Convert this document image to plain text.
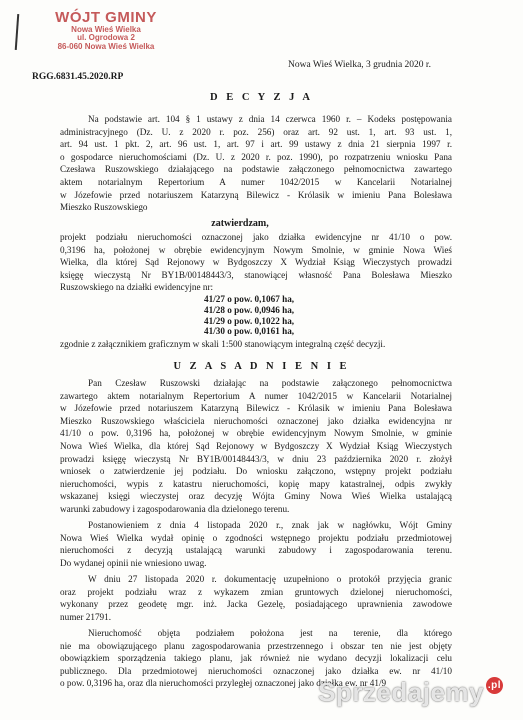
WÓJT GMINY
Nowa Wieś Wielka
ul. Ogrodowa 2
86-060 Nowa Wieś Wielka
RGG.6831.45.2020.RP
Nowa Wieś Wielka, 3 grudnia 2020 r.
D E C Y Z J A
Na podstawie art. 104 § 1 ustawy z dnia 14 czerwca 1960 r. – Kodeks postępowania
administracyjnego (Dz. U. z 2020 r. poz. 256) oraz art. 92 ust. 1, art. 93 ust. 1,
art. 94 ust. 1 pkt. 2, art. 96 ust. 1, art. 97 i art. 99 ustawy z dnia 21 sierpnia 1997 r.
o gospodarce nieruchomościami (Dz. U. z 2020 r. poz. 1990), po rozpatrzeniu wniosku Pana
Czesława Ruszowskiego działającego na podstawie załączonego pełnomocnictwa zawartego
aktem notarialnym Repertorium A numer 1042/2015 w Kancelarii Notarialnej
w Józefowie przed notariuszem Katarzyną Bilewicz - Królasik w imieniu Pana Bolesława
Mieszko Ruszowskiego
zatwierdzam,
projekt podziału nieruchomości oznaczonej jako działka ewidencyjne nr 41/10 o pow.
0,3196 ha, położonej w obrębie ewidencyjnym Nowym Smolnie, w gminie Nowa Wieś
Wielka, dla której Sąd Rejonowy w Bydgoszczy X Wydział Ksiąg Wieczystych prowadzi
księgę wieczystą Nr BY1B/00148443/3, stanowiącej własność Pana Bolesława Mieszko
Ruszowskiego na działki ewidencyjne nr:
41/27 o pow. 0,1067 ha,
41/28 o pow. 0,0946 ha,
41/29 o pow. 0,1022 ha,
41/30 o pow. 0,0161 ha,
zgodnie z załącznikiem graficznym w skali 1:500 stanowiącym integralną część decyzji.
U Z A S A D N I E N I E
Pan Czesław Ruszowski działając na podstawie załączonego pełnomocnictwa
zawartego aktem notarialnym Repertorium A numer 1042/2015 w Kancelarii Notarialnej
w Józefowie przed notariuszem Katarzyną Bilewicz - Królasik w imieniu Pana Bolesława
Mieszko Ruszowskiego właściciela nieruchomości oznaczonej jako działka ewidencyjna nr
41/10 o pow. 0,3196 ha, położonej w obrębie ewidencyjnym Nowym Smolnie, w gminie
Nowa Wieś Wielka, dla której Sąd Rejonowy w Bydgoszczy X Wydział Ksiąg Wieczystych
prowadzi księgę wieczystą Nr BY1B/00148443/3, w dniu 23 października 2020 r. złożył
wniosek o zatwierdzenie jej podziału. Do wniosku załączono, wstępny projekt podziału
nieruchomości, wypis z katastru nieruchomości, kopię mapy katastralnej, odpis zwykły
wskazanej księgi wieczystej oraz decyzję Wójta Gminy Nowa Wieś Wielka ustalającą
warunki zabudowy i zagospodarowania dla dzielonego terenu.
Postanowieniem z dnia 4 listopada 2020 r., znak jak w nagłówku, Wójt Gminy
Nowa Wieś Wielka wydał opinię o zgodności wstępnego projektu podziału przedmiotowej
nieruchomości z decyzją ustalającą warunki zabudowy i zagospodarowania terenu.
Do wydanej opinii nie wniesiono uwag.
W dniu 27 listopada 2020 r. dokumentację uzupełniono o protokół przyjęcia granic
oraz projekt podziału wraz z wykazem zmian gruntowych dzielonej nieruchomości,
wykonany przez geodetę mgr. inż. Jacka Gezelę, posiadającego uprawnienia zawodowe
numer 21791.
Nieruchomość objęta podziałem położona jest na terenie, dla którego
nie ma obowiązującego planu zagospodarowania przestrzennego i obszar ten nie jest objęty
obowiązkiem sporządzenia takiego planu, jak również nie wydano decyzji lokalizacji celu
publicznego. Dla przedmiotowej nieruchomości oznaczonej jako działka ew. nr 41/10
o pow. 0,3196 ha, oraz dla nieruchomości przyległej oznaczonej jako działka ew. nr 41/9
Sprzedajemy .pl
